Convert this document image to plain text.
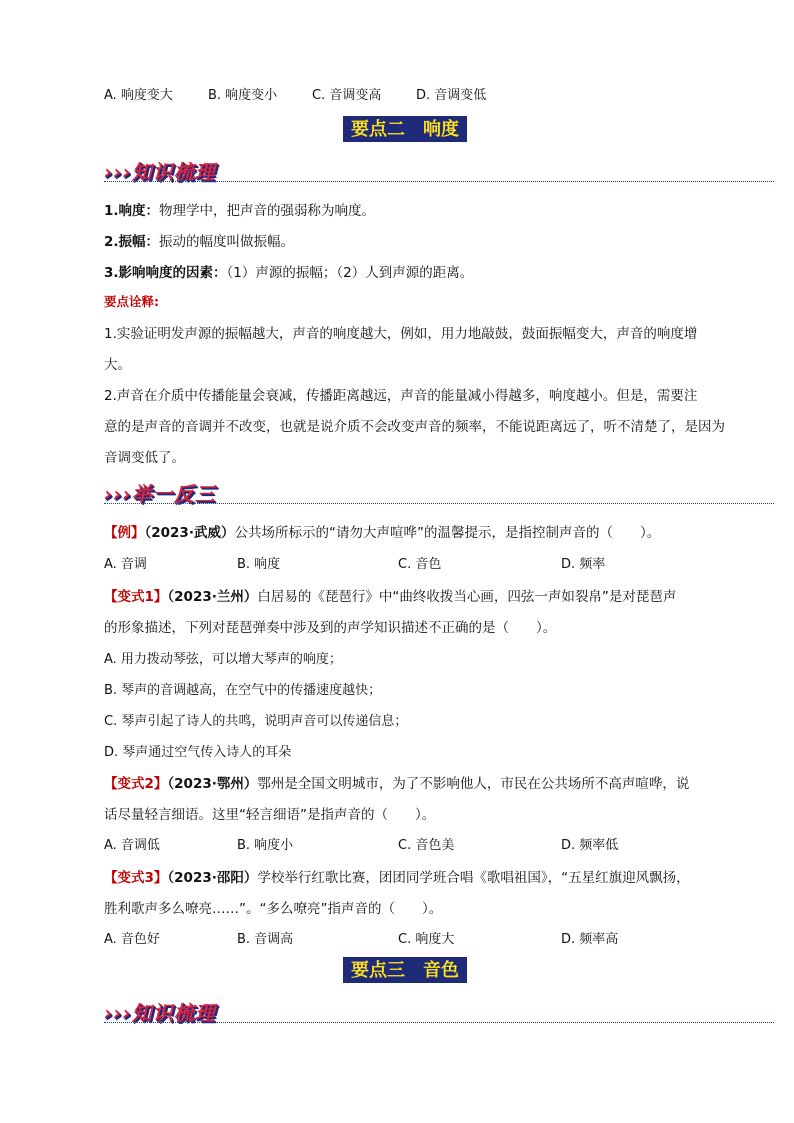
A. 响度变大	B. 响度变小	C. 音调变高	D. 音调变低
要点二　响度
›››知识梳理
1.响度：物理学中，把声音的强弱称为响度。
2.振幅：振动的幅度叫做振幅。
3.影响响度的因素：（1）声源的振幅；（2）人到声源的距离。
要点诠释:
1.实验证明发声源的振幅越大，声音的响度越大，例如，用力地敲鼓，鼓面振幅变大，声音的响度增
大。
2.声音在介质中传播能量会衰减，传播距离越远，声音的能量减小得越多，响度越小。但是，需要注
意的是声音的音调并不改变，也就是说介质不会改变声音的频率，不能说距离远了，听不清楚了，是因为
音调变低了。
›››举一反三
【例】（2023·武威）公共场所标示的“请勿大声喧哗”的温馨提示，是指控制声音的（　　）。
A. 音调	B. 响度	C. 音色	D. 频率
【变式1】（2023·兰州）白居易的《琵琶行》中“曲终收拨当心画，四弦一声如裂帛”是对琵琶声
的形象描述，下列对琵琶弹奏中涉及到的声学知识描述不正确的是（　　）。
A. 用力拨动琴弦，可以增大琴声的响度；
B. 琴声的音调越高，在空气中的传播速度越快；
C. 琴声引起了诗人的共鸣，说明声音可以传递信息；
D. 琴声通过空气传入诗人的耳朵
【变式2】（2023·鄂州）鄂州是全国文明城市，为了不影响他人，市民在公共场所不高声喧哗，说
话尽量轻言细语。这里“轻言细语”是指声音的（　　）。
A. 音调低	B. 响度小	C. 音色美	D. 频率低
【变式3】（2023·邵阳）学校举行红歌比赛，团团同学班合唱《歌唱祖国》，“五星红旗迎风飘扬，
胜利歌声多么嘹亮……”。“多么嘹亮”指声音的（　　）。
A. 音色好	B. 音调高	C. 响度大	D. 频率高
要点三　音色
›››知识梳理
